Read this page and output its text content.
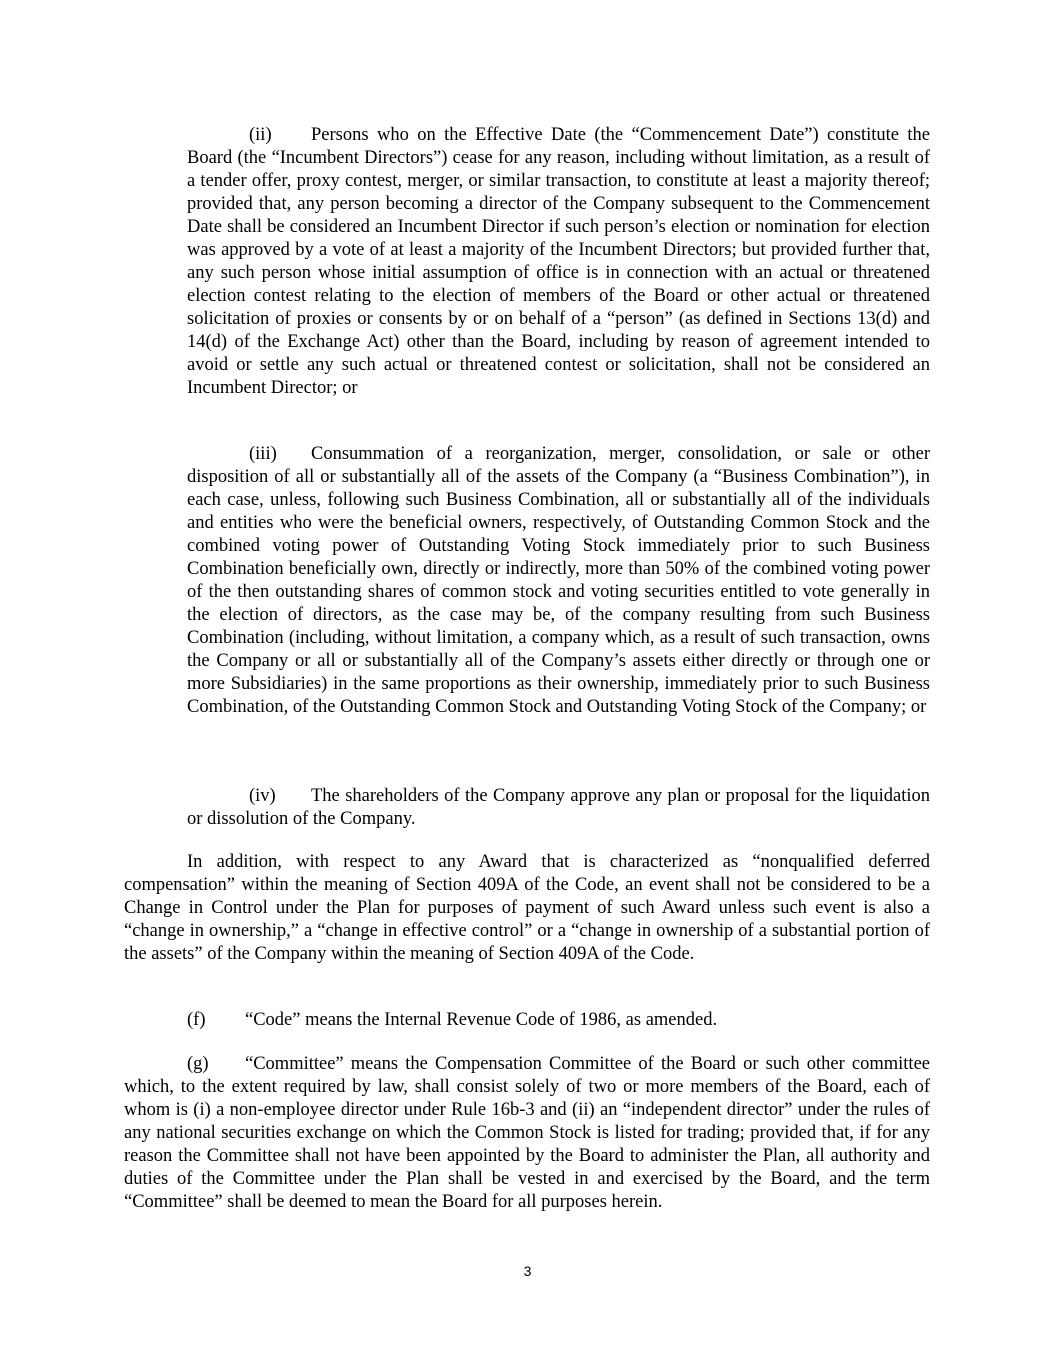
(ii) Persons who on the Effective Date (the “Commencement Date”) constitute the Board (the “Incumbent Directors”) cease for any reason, including without limitation, as a result of a tender offer, proxy contest, merger, or similar transaction, to constitute at least a majority thereof; provided that, any person becoming a director of the Company subsequent to the Commencement Date shall be considered an Incumbent Director if such person’s election or nomination for election was approved by a vote of at least a majority of the Incumbent Directors; but provided further that, any such person whose initial assumption of office is in connection with an actual or threatened election contest relating to the election of members of the Board or other actual or threatened solicitation of proxies or consents by or on behalf of a “person” (as defined in Sections 13(d) and 14(d) of the Exchange Act) other than the Board, including by reason of agreement intended to avoid or settle any such actual or threatened contest or solicitation, shall not be considered an Incumbent Director; or

(iii) Consummation of a reorganization, merger, consolidation, or sale or other disposition of all or substantially all of the assets of the Company (a “Business Combination”), in each case, unless, following such Business Combination, all or substantially all of the individuals and entities who were the beneficial owners, respectively, of Outstanding Common Stock and the combined voting power of Outstanding Voting Stock immediately prior to such Business Combination beneficially own, directly or indirectly, more than 50% of the combined voting power of the then outstanding shares of common stock and voting securities entitled to vote generally in the election of directors, as the case may be, of the company resulting from such Business Combination (including, without limitation, a company which, as a result of such transaction, owns the Company or all or substantially all of the Company’s assets either directly or through one or more Subsidiaries) in the same proportions as their ownership, immediately prior to such Business Combination, of the Outstanding Common Stock and Outstanding Voting Stock of the Company; or

(iv) The shareholders of the Company approve any plan or proposal for the liquidation or dissolution of the Company.

In addition, with respect to any Award that is characterized as “nonqualified deferred compensation” within the meaning of Section 409A of the Code, an event shall not be considered to be a Change in Control under the Plan for purposes of payment of such Award unless such event is also a “change in ownership,” a “change in effective control” or a “change in ownership of a substantial portion of the assets” of the Company within the meaning of Section 409A of the Code.

(f) “Code” means the Internal Revenue Code of 1986, as amended.

(g) “Committee” means the Compensation Committee of the Board or such other committee which, to the extent required by law, shall consist solely of two or more members of the Board, each of whom is (i) a non-employee director under Rule 16b-3 and (ii) an “independent director” under the rules of any national securities exchange on which the Common Stock is listed for trading; provided that, if for any reason the Committee shall not have been appointed by the Board to administer the Plan, all authority and duties of the Committee under the Plan shall be vested in and exercised by the Board, and the term “Committee” shall be deemed to mean the Board for all purposes herein.

3
